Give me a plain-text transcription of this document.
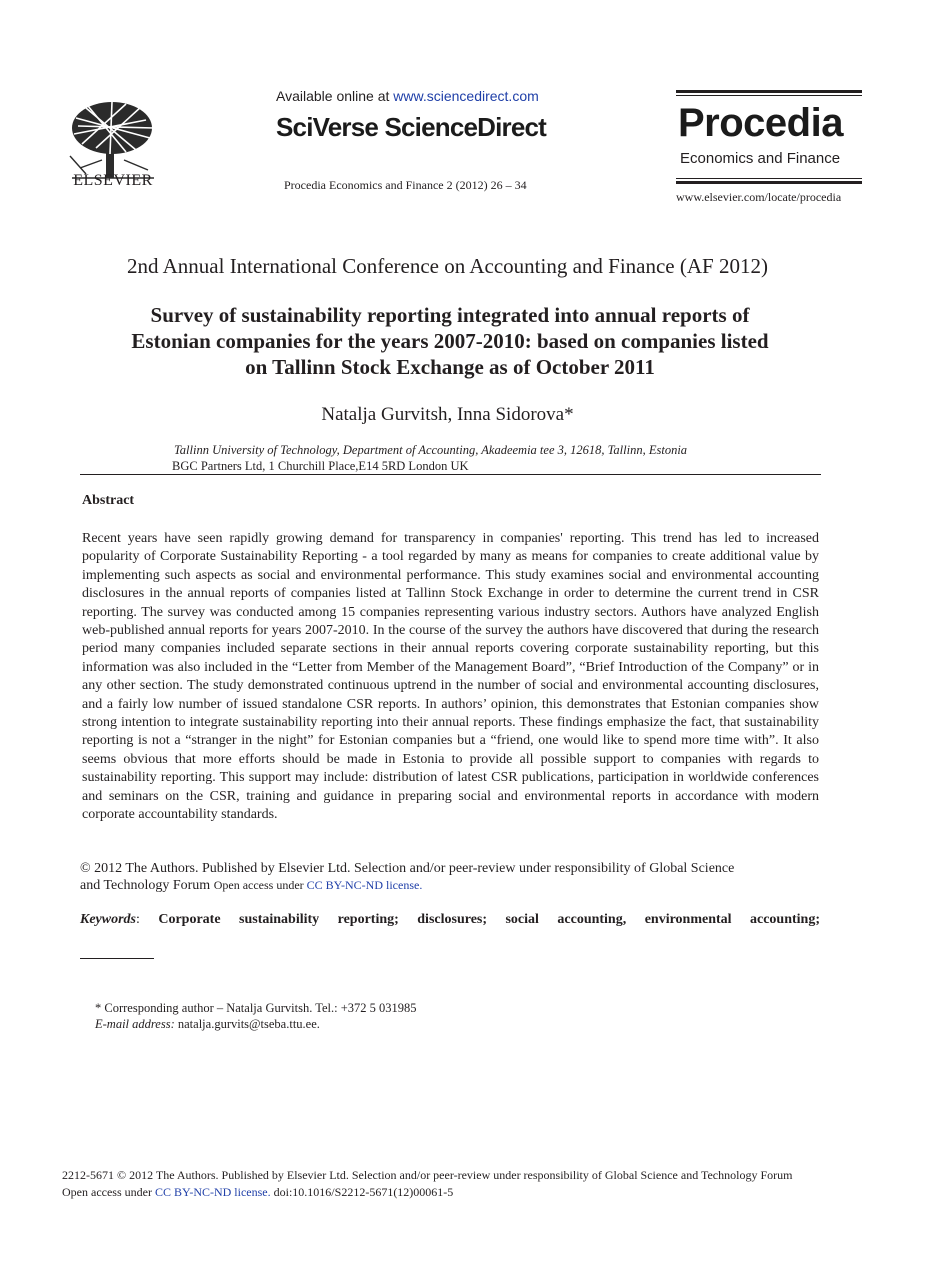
ELSEVIER
Available online at www.sciencedirect.com
SciVerse ScienceDirect
Procedia Economics and Finance 2 (2012) 26 – 34
Procedia
Economics and Finance
www.elsevier.com/locate/procedia
2nd Annual International Conference on Accounting and Finance (AF 2012)
Survey of sustainability reporting integrated into annual reports of
Estonian companies for the years 2007-2010: based on companies listed
on Tallinn Stock Exchange as of October 2011
Natalja Gurvitsh, Inna Sidorova*
Tallinn University of Technology, Department of Accounting, Akadeemia tee 3, 12618, Tallinn, Estonia
BGC Partners Ltd, 1 Churchill Place,E14 5RD London UK
Abstract
Recent years have seen rapidly growing demand for transparency in companies' reporting. This trend has led to increased popularity of Corporate Sustainability Reporting - a tool regarded by many as means for companies to create additional value by implementing such aspects as social and environmental performance. This study examines social and environmental accounting disclosures in the annual reports of companies listed at Tallinn Stock Exchange in order to determine the current trend in CSR reporting. The survey was conducted among 15 companies representing various industry sectors. Authors have analyzed English web-published annual reports for years 2007-2010. In the course of the survey the authors have discovered that during the research period many companies included separate sections in their annual reports covering corporate sustainability reporting, but this information was also included in the “Letter from Member of the Management Board”, “Brief Introduction of the Company” or in any other section. The study demonstrated continuous uptrend in the number of social and environmental accounting disclosures, and a fairly low number of issued standalone CSR reports. In authors’ opinion, this demonstrates that Estonian companies show strong intention to integrate sustainability reporting into their annual reports. These findings emphasize the fact, that sustainability reporting is not a “stranger in the night” for Estonian companies but a “friend, one would like to spend more time with”. It also seems obvious that more efforts should be made in Estonia to provide all possible support to companies with regards to sustainability reporting. This support may include: distribution of latest CSR publications, participation in worldwide conferences and seminars on the CSR, training and guidance in preparing social and environmental reports in accordance with modern corporate accountability standards.
© 2012 The Authors. Published by Elsevier Ltd. Selection and/or peer-review under responsibility of Global Science
and Technology Forum Open access under CC BY-NC-ND license.
Keywords: Corporate sustainability reporting; disclosures; social accounting, environmental accounting;
* Corresponding author – Natalja Gurvitsh. Tel.: +372 5 031985
E-mail address: natalja.gurvits@tseba.ttu.ee.
2212-5671 © 2012 The Authors. Published by Elsevier Ltd. Selection and/or peer-review under responsibility of Global Science and Technology Forum
Open access under CC BY-NC-ND license. doi:10.1016/S2212-5671(12)00061-5
